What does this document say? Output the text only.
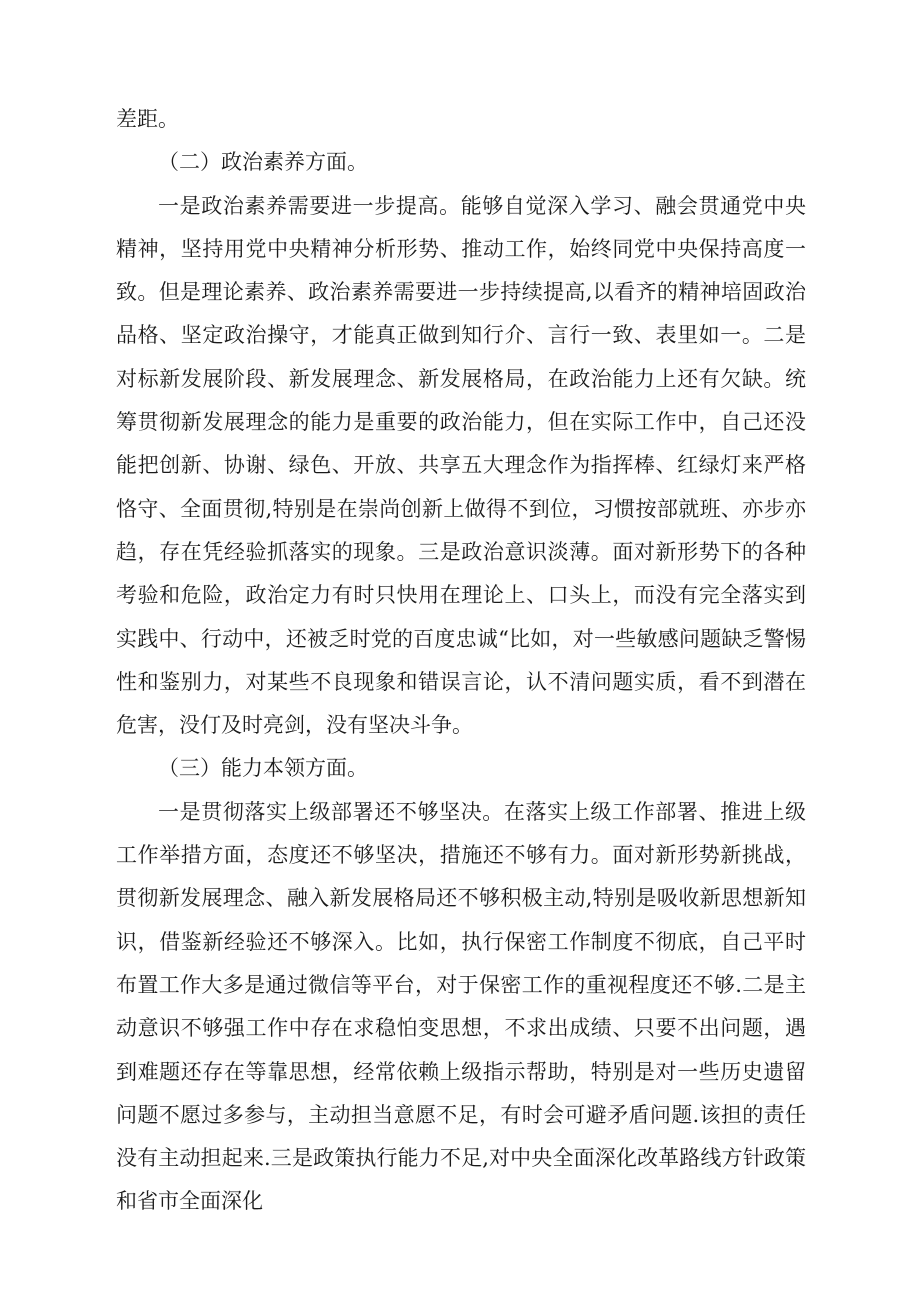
差距。

（二）政治素养方面。

一是政治素养需要进一步提高。能够自觉深入学习、融会贯通党中央精神，坚持用党中央精神分析形势、推动工作，始终同党中央保持高度一致。但是理论素养、政治素养需要进一步持续提高,以看齐的精神培固政治品格、坚定政治操守，才能真正做到知行介、言行一致、表里如一。二是对标新发展阶段、新发展理念、新发展格局，在政治能力上还有欠缺。统筹贯彻新发展理念的能力是重要的政治能力，但在实际工作中，自己还没能把创新、协谢、绿色、开放、共享五大理念作为指挥棒、红绿灯来严格恪守、全面贯彻,特别是在崇尚创新上做得不到位，习惯按部就班、亦步亦趋，存在凭经验抓落实的现象。三是政治意识淡薄。面对新形势下的各种考验和危险，政治定力有时只快用在理论上、口头上，而没有完全落实到实践中、行动中，还被乏时党的百度忠诚“比如，对一些敏感问题缺乏警惕性和鉴别力，对某些不良现象和错误言论，认不清问题实质，看不到潜在危害，没仃及时亮剑，没有坚决斗争。

（三）能力本领方面。

一是贯彻落实上级部署还不够坚决。在落实上级工作部署、推进上级工作举措方面，态度还不够坚决，措施还不够有力。面对新形势新挑战，贯彻新发展理念、融入新发展格局还不够积极主动,特别是吸收新思想新知识，借鉴新经验还不够深入。比如，执行保密工作制度不彻底，自己平时布置工作大多是通过微信等平台，对于保密工作的重视程度还不够.二是主动意识不够强工作中存在求稳怕变思想，不求出成绩、只要不出问题，遇到难题还存在等靠思想，经常依赖上级指示帮助，特别是对一些历史遗留问题不愿过多参与，主动担当意愿不足，有时会可避矛盾问题.该担的责任没有主动担起来.三是政策执行能力不足,对中央全面深化改革路线方针政策和省市全面深化
